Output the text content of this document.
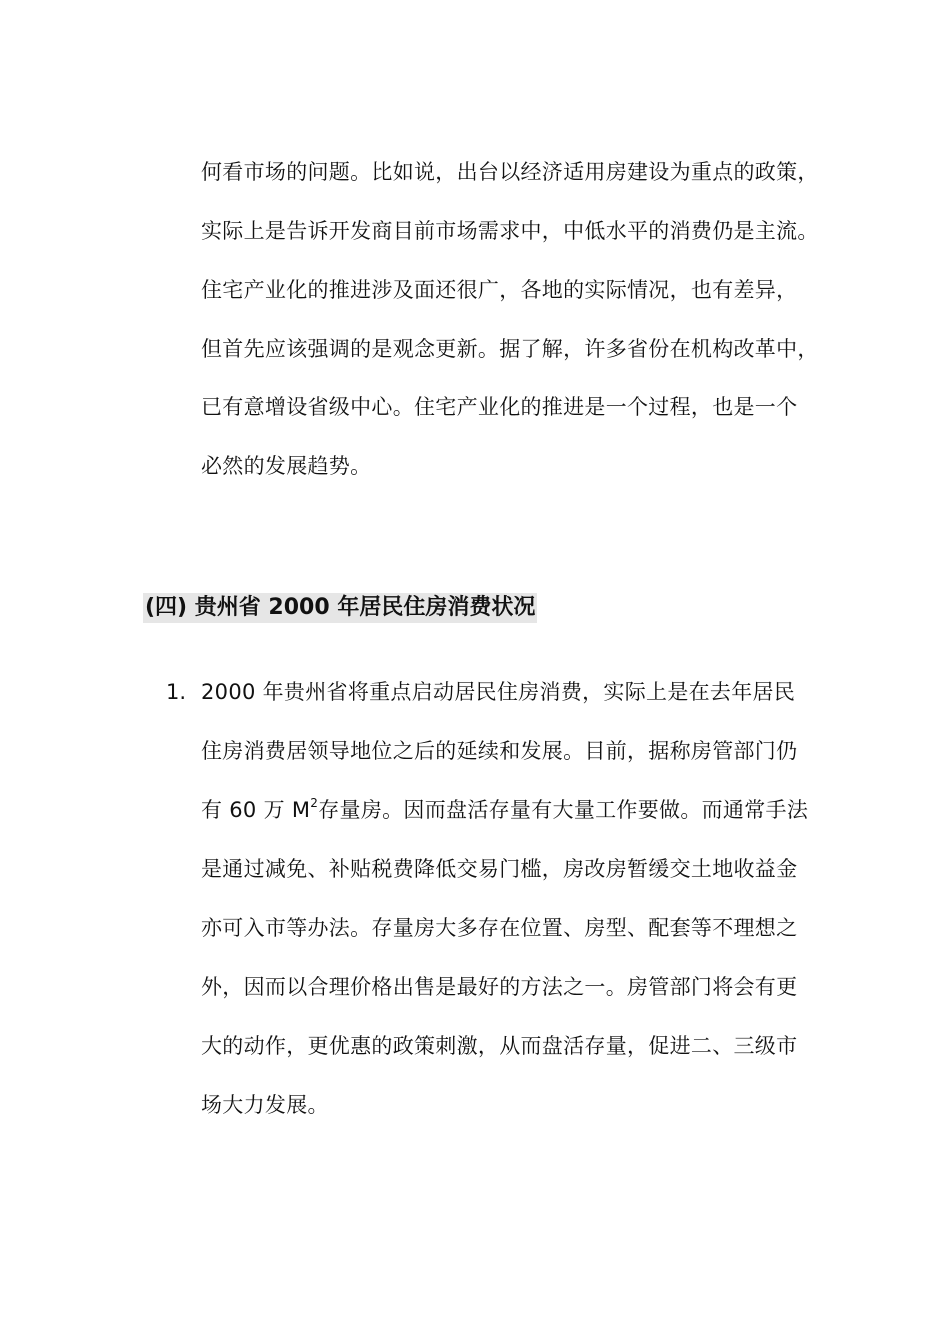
何看市场的问题。比如说，出台以经济适用房建设为重点的政策，
实际上是告诉开发商目前市场需求中，中低水平的消费仍是主流。
住宅产业化的推进涉及面还很广，各地的实际情况，也有差异，
但首先应该强调的是观念更新。据了解，许多省份在机构改革中，
已有意增设省级中心。住宅产业化的推进是一个过程，也是一个
必然的发展趋势。
(四) 贵州省 2000 年居民住房消费状况
1. 2000 年贵州省将重点启动居民住房消费，实际上是在去年居民
住房消费居领导地位之后的延续和发展。目前，据称房管部门仍
有 60 万 $M^2$存量房。因而盘活存量有大量工作要做。而通常手法
是通过减免、补贴税费降低交易门槛，房改房暂缓交土地收益金
亦可入市等办法。存量房大多存在位置、房型、配套等不理想之
外，因而以合理价格出售是最好的方法之一。房管部门将会有更
大的动作，更优惠的政策刺激，从而盘活存量，促进二、三级市
场大力发展。
